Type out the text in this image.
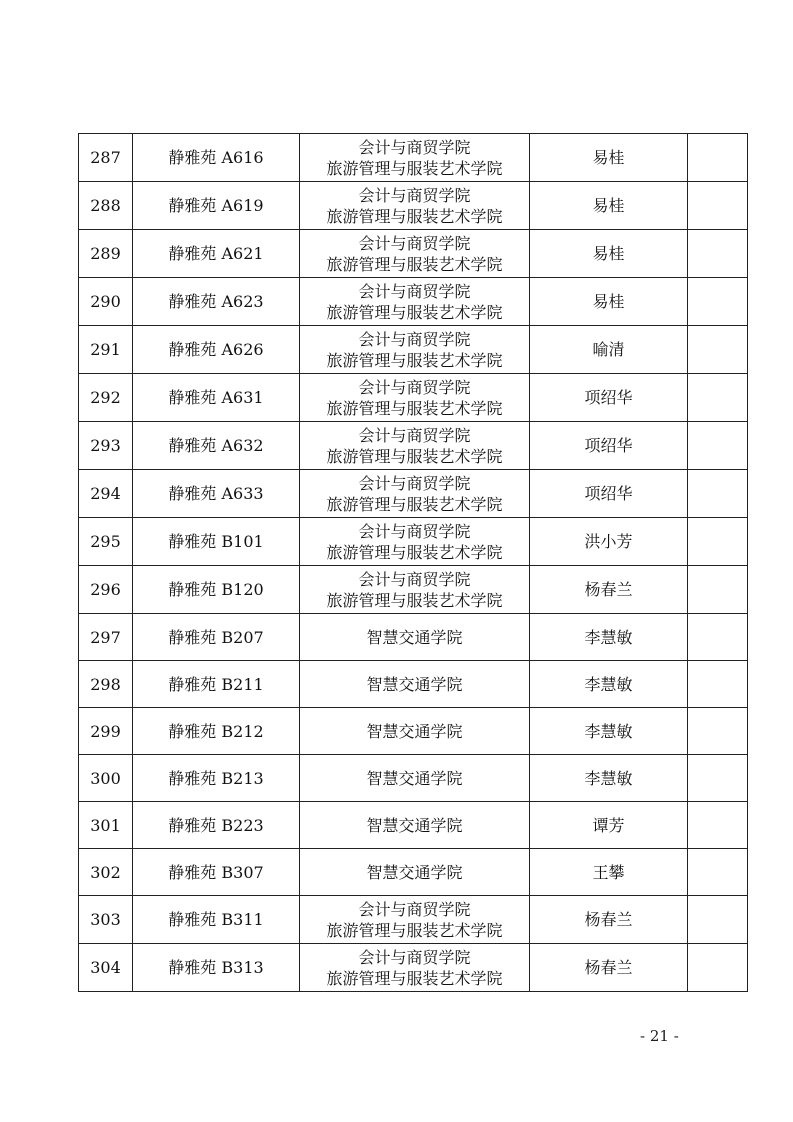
287	静雅苑 A616	会计与商贸学院
旅游管理与服装艺术学院	易桂	
288	静雅苑 A619	会计与商贸学院
旅游管理与服装艺术学院	易桂	
289	静雅苑 A621	会计与商贸学院
旅游管理与服装艺术学院	易桂	
290	静雅苑 A623	会计与商贸学院
旅游管理与服装艺术学院	易桂	
291	静雅苑 A626	会计与商贸学院
旅游管理与服装艺术学院	喻清	
292	静雅苑 A631	会计与商贸学院
旅游管理与服装艺术学院	项绍华	
293	静雅苑 A632	会计与商贸学院
旅游管理与服装艺术学院	项绍华	
294	静雅苑 A633	会计与商贸学院
旅游管理与服装艺术学院	项绍华	
295	静雅苑 B101	会计与商贸学院
旅游管理与服装艺术学院	洪小芳	
296	静雅苑 B120	会计与商贸学院
旅游管理与服装艺术学院	杨春兰	
297	静雅苑 B207	智慧交通学院	李慧敏	
298	静雅苑 B211	智慧交通学院	李慧敏	
299	静雅苑 B212	智慧交通学院	李慧敏	
300	静雅苑 B213	智慧交通学院	李慧敏	
301	静雅苑 B223	智慧交通学院	谭芳	
302	静雅苑 B307	智慧交通学院	王攀	
303	静雅苑 B311	会计与商贸学院
旅游管理与服装艺术学院	杨春兰	
304	静雅苑 B313	会计与商贸学院
旅游管理与服装艺术学院	杨春兰	
- 21 -
